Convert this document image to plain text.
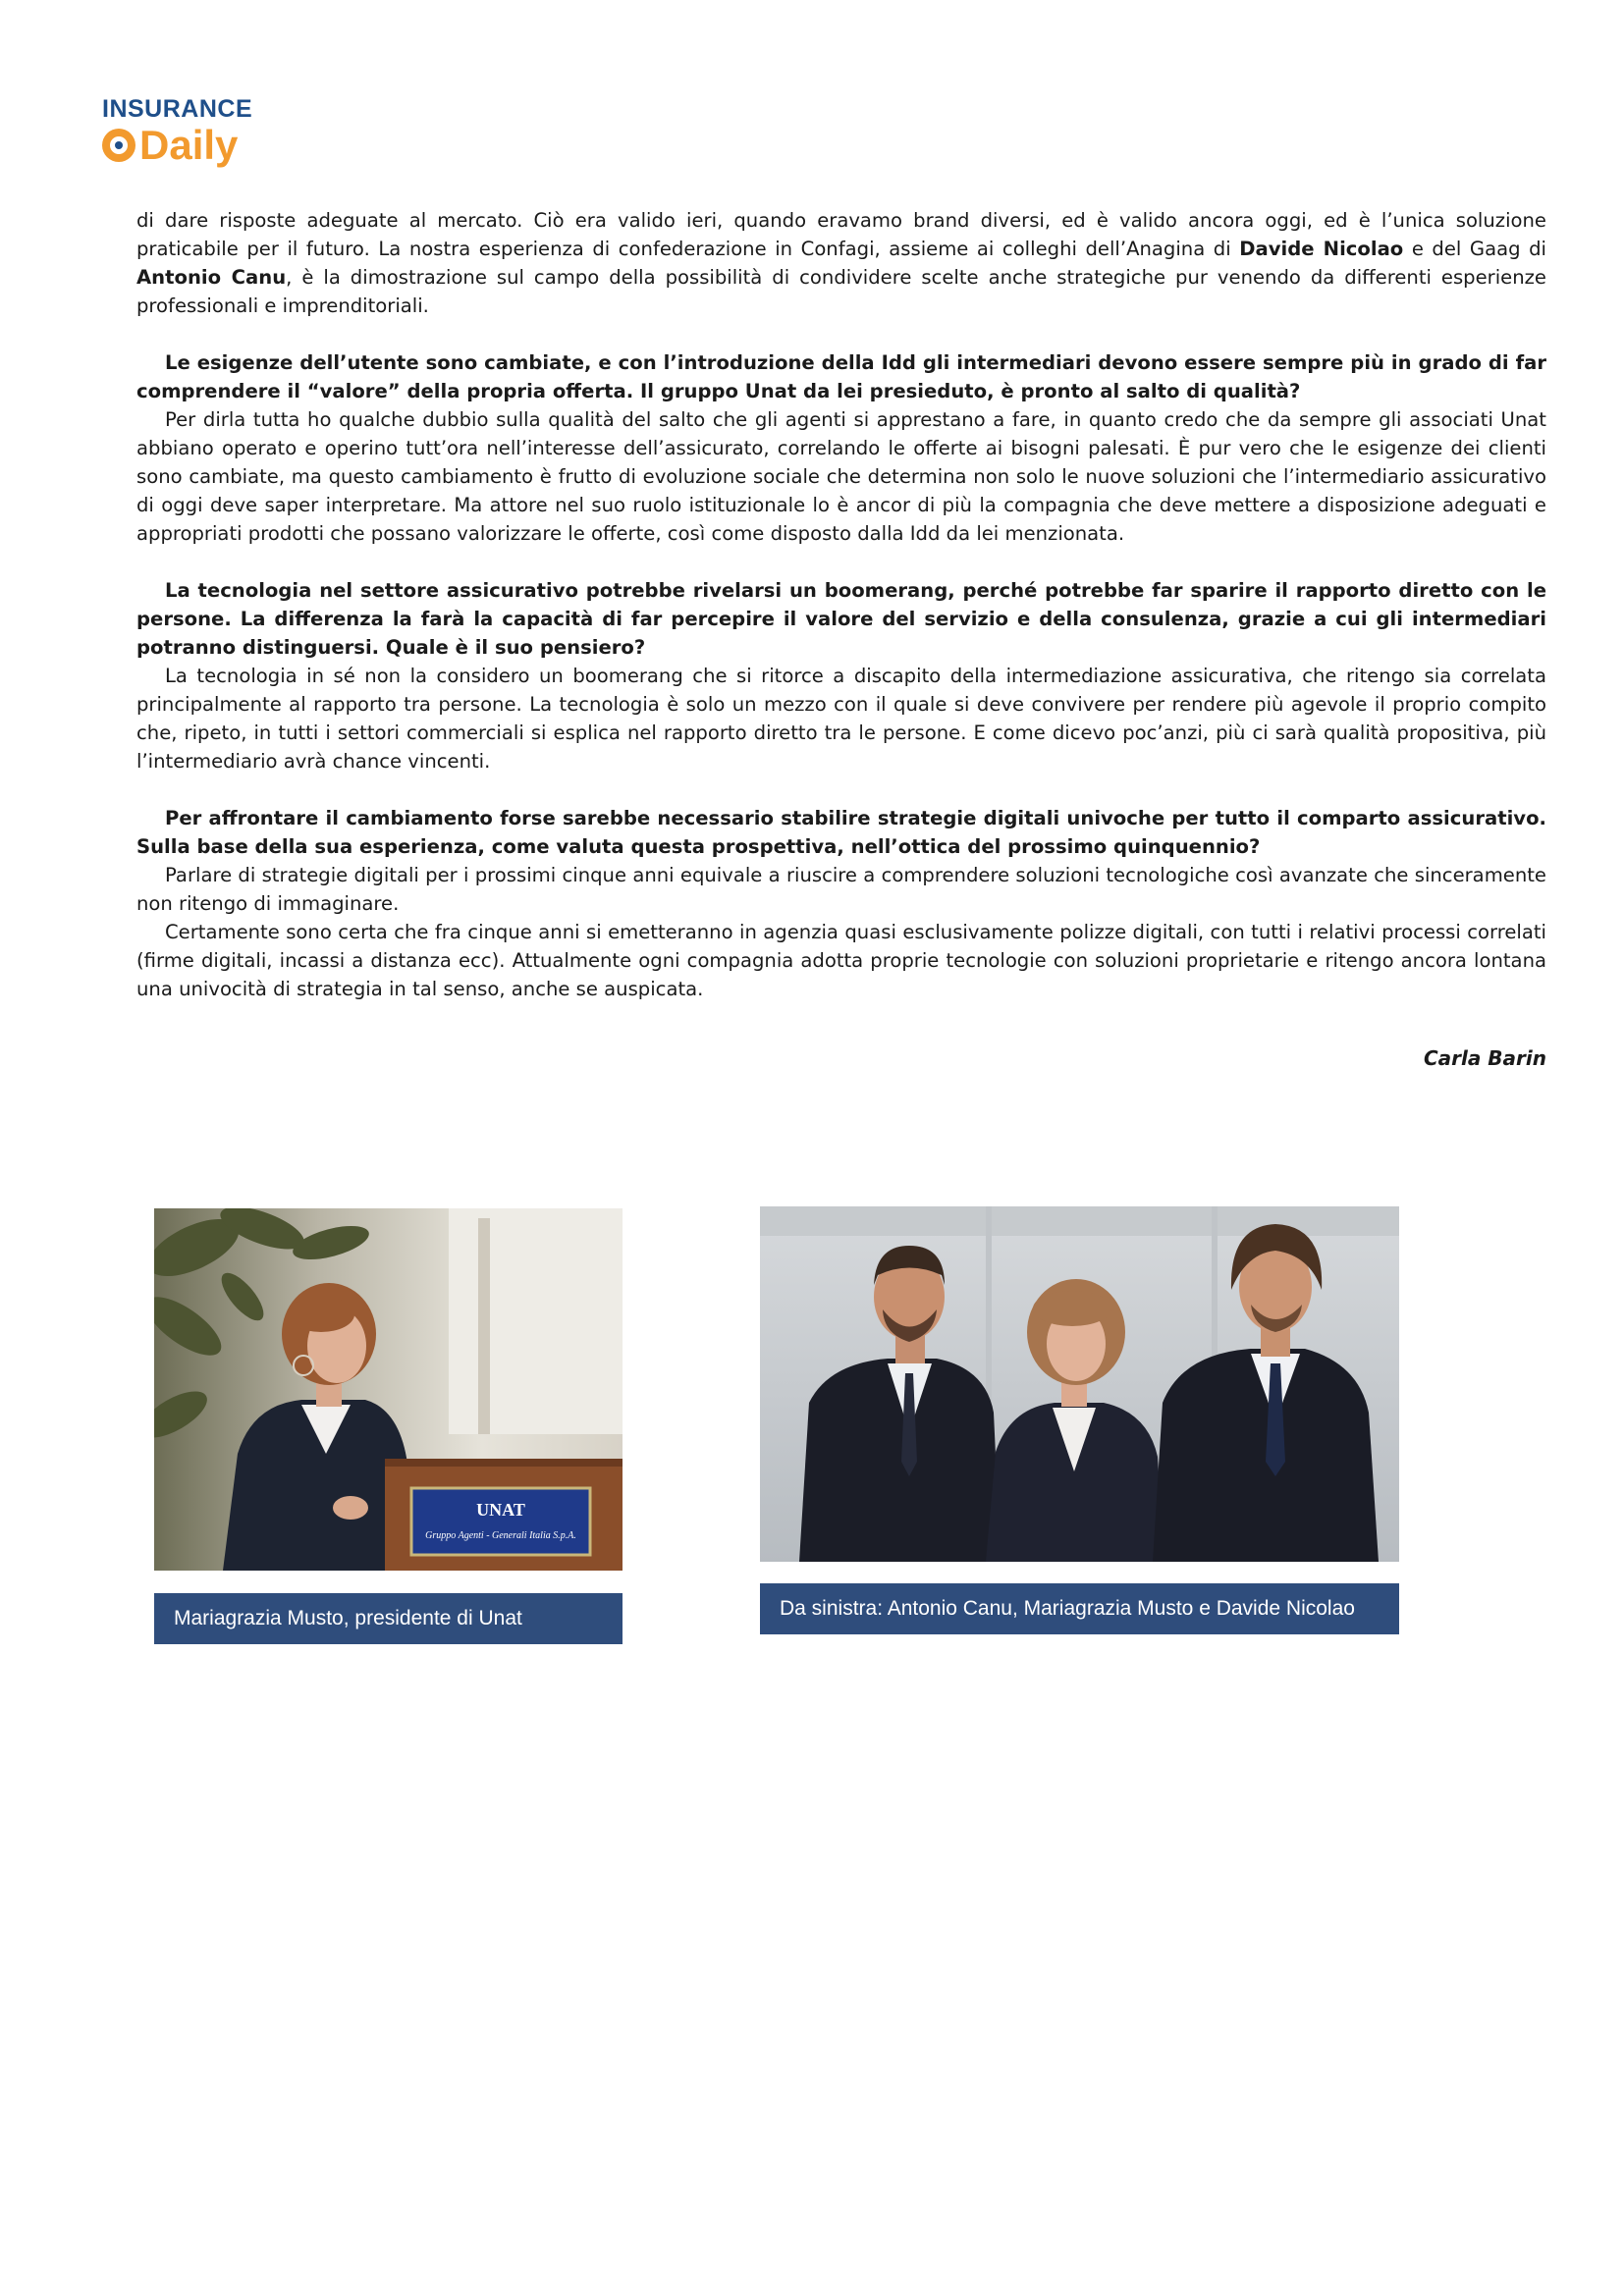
INSURANCE
Daily

di dare risposte adeguate al mercato. Ciò era valido ieri, quando eravamo brand diversi, ed è valido ancora oggi, ed è l’unica soluzione praticabile per il futuro. La nostra esperienza di confederazione in Confagi, assieme ai colleghi dell’Anagina di Davide Nicolao e del Gaag di Antonio Canu, è la dimostrazione sul campo della possibilità di condividere scelte anche strategiche pur venendo da differenti esperienze professionali e imprenditoriali.

Le esigenze dell’utente sono cambiate, e con l’introduzione della Idd gli intermediari devono essere sempre più in grado di far comprendere il “valore” della propria offerta. Il gruppo Unat da lei presieduto, è pronto al salto di qualità?

Per dirla tutta ho qualche dubbio sulla qualità del salto che gli agenti si apprestano a fare, in quanto credo che da sempre gli associati Unat abbiano operato e operino tutt’ora nell’interesse dell’assicurato, correlando le offerte ai bisogni palesati. È pur vero che le esigenze dei clienti sono cambiate, ma questo cambiamento è frutto di evoluzione sociale che determina non solo le nuove soluzioni che l’intermediario assicurativo di oggi deve saper interpretare. Ma attore nel suo ruolo istituzionale lo è ancor di più la compagnia che deve mettere a disposizione adeguati e appropriati prodotti che possano valorizzare le offerte, così come disposto dalla Idd da lei menzionata.

La tecnologia nel settore assicurativo potrebbe rivelarsi un boomerang, perché potrebbe far sparire il rapporto diretto con le persone. La differenza la farà la capacità di far percepire il valore del servizio e della consulenza, grazie a cui gli intermediari potranno distinguersi. Quale è il suo pensiero?

La tecnologia in sé non la considero un boomerang che si ritorce a discapito della intermediazione assicurativa, che ritengo sia correlata principalmente al rapporto tra persone. La tecnologia è solo un mezzo con il quale si deve convivere per rendere più agevole il proprio compito che, ripeto, in tutti i settori commerciali si esplica nel rapporto diretto tra le persone. E come dicevo poc’anzi, più ci sarà qualità propositiva, più l’intermediario avrà chance vincenti.

Per affrontare il cambiamento forse sarebbe necessario stabilire strategie digitali univoche per tutto il comparto assicurativo. Sulla base della sua esperienza, come valuta questa prospettiva, nell’ottica del prossimo quinquennio?

Parlare di strategie digitali per i prossimi cinque anni equivale a riuscire a comprendere soluzioni tecnologiche così avanzate che sinceramente non ritengo di immaginare.

Certamente sono certa che fra cinque anni si emetteranno in agenzia quasi esclusivamente polizze digitali, con tutti i relativi processi correlati (firme digitali, incassi a distanza ecc). Attualmente ogni compagnia adotta proprie tecnologie con soluzioni proprietarie e ritengo ancora lontana una univocità di strategia in tal senso, anche se auspicata.

Carla Barin
UNAT
Gruppo Agenti - Generali Italia S.p.A.
Mariagrazia Musto, presidente di Unat	Da sinistra: Antonio Canu, Mariagrazia Musto e Davide Nicolao
